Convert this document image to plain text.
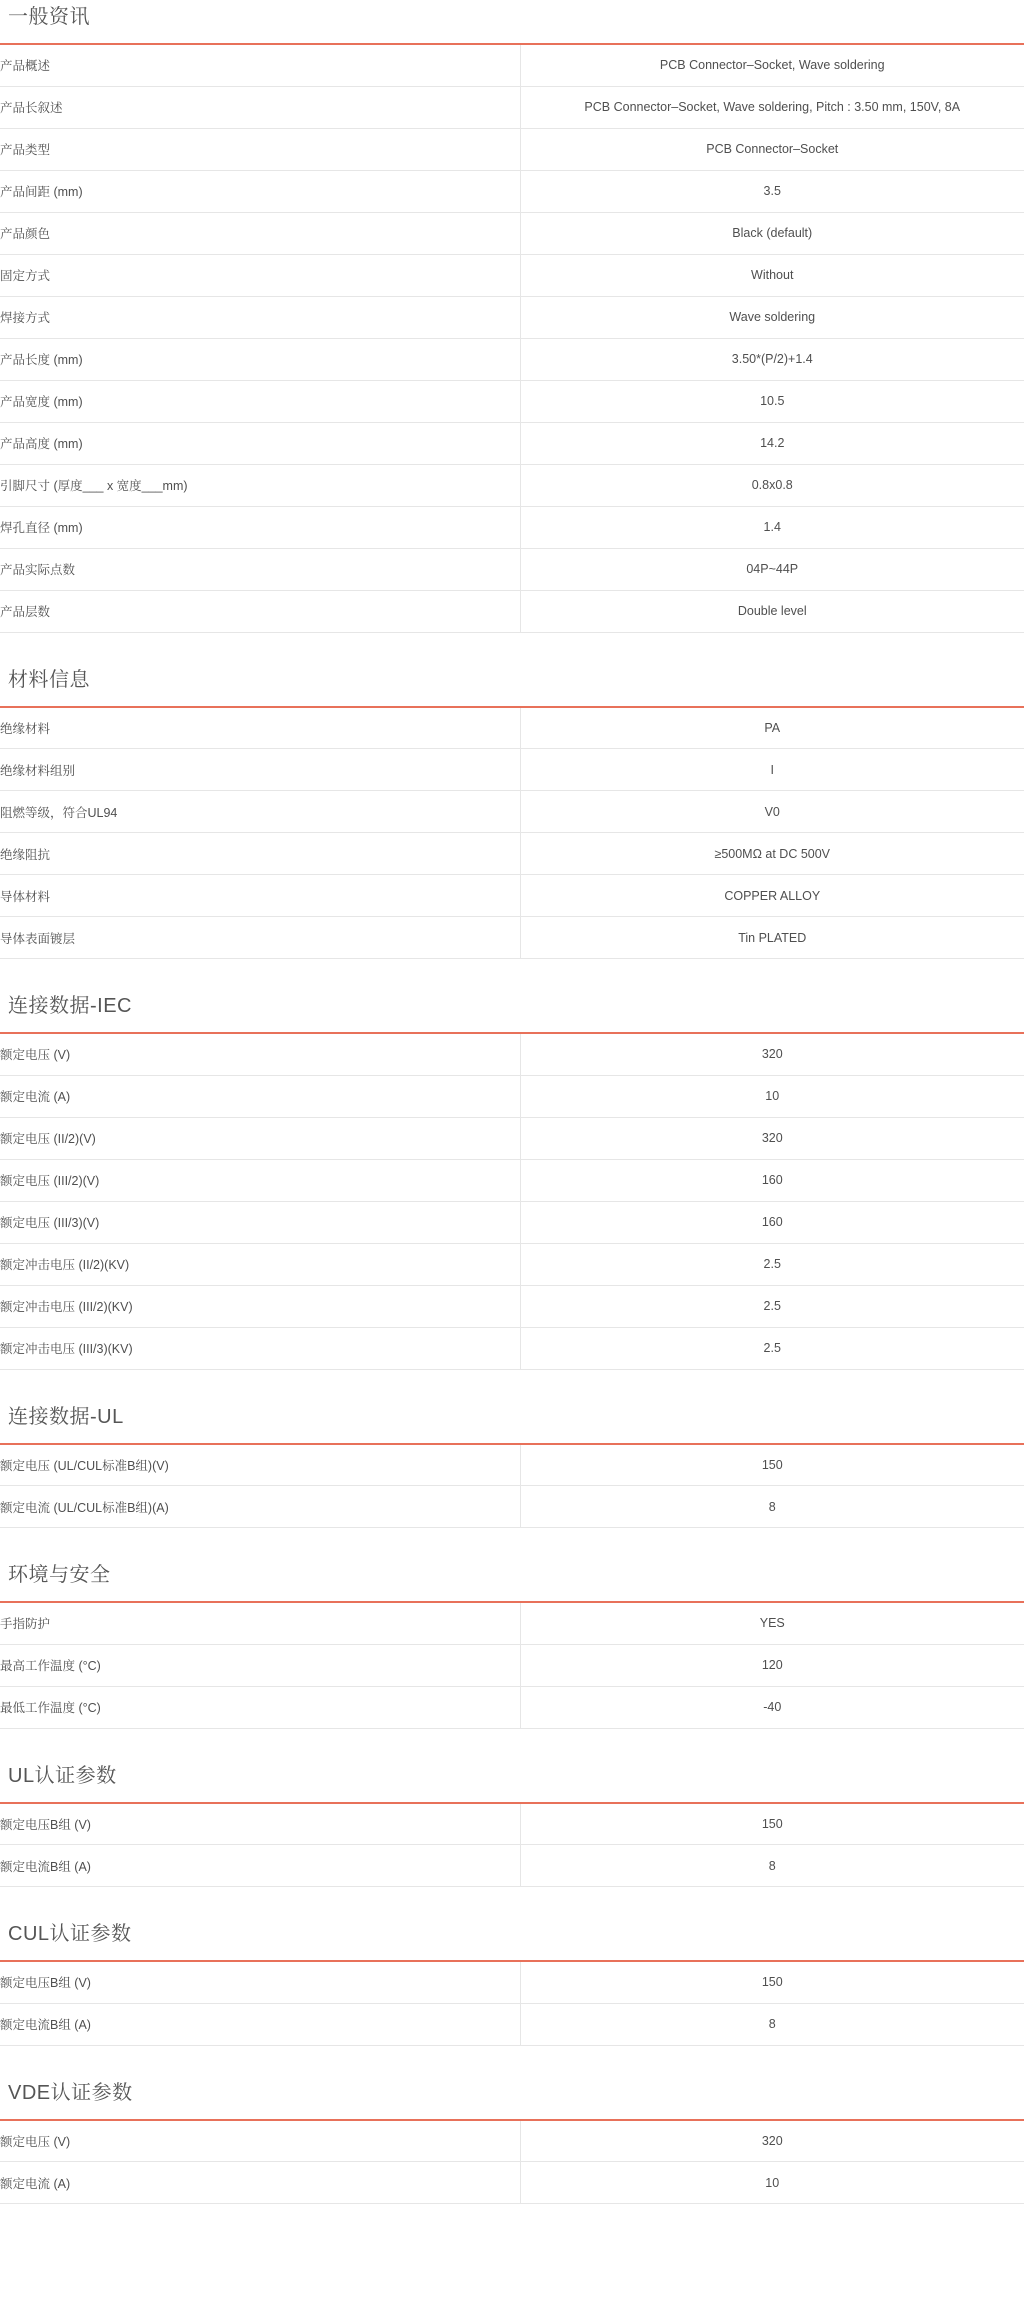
一般资讯
产品概述	PCB Connector–Socket, Wave soldering
产品长叙述	PCB Connector–Socket, Wave soldering, Pitch : 3.50 mm, 150V, 8A
产品类型	PCB Connector–Socket
产品间距 (mm)	3.5
产品颜色	Black (default)
固定方式	Without
焊接方式	Wave soldering
产品长度 (mm)	3.50*(P/2)+1.4
产品宽度 (mm)	10.5
产品高度 (mm)	14.2
引脚尺寸 (厚度___ x 宽度___mm)	0.8x0.8
焊孔直径 (mm)	1.4
产品实际点数	04P~44P
产品层数	Double level
材料信息
绝缘材料	PA
绝缘材料组别	I
阻燃等级，符合UL94	V0
绝缘阻抗	≥500MΩ at DC 500V
导体材料	COPPER ALLOY
导体表面镀层	Tin PLATED
连接数据-IEC
额定电压 (V)	320
额定电流 (A)	10
额定电压 (II/2)(V)	320
额定电压 (III/2)(V)	160
额定电压 (III/3)(V)	160
额定冲击电压 (II/2)(KV)	2.5
额定冲击电压 (III/2)(KV)	2.5
额定冲击电压 (III/3)(KV)	2.5
连接数据-UL
额定电压 (UL/CUL标准B组)(V)	150
额定电流 (UL/CUL标准B组)(A)	8
环境与安全
手指防护	YES
最高工作温度 (°C)	120
最低工作温度 (°C)	-40
UL认证参数
额定电压B组 (V)	150
额定电流B组 (A)	8
CUL认证参数
额定电压B组 (V)	150
额定电流B组 (A)	8
VDE认证参数
额定电压 (V)	320
额定电流 (A)	10
